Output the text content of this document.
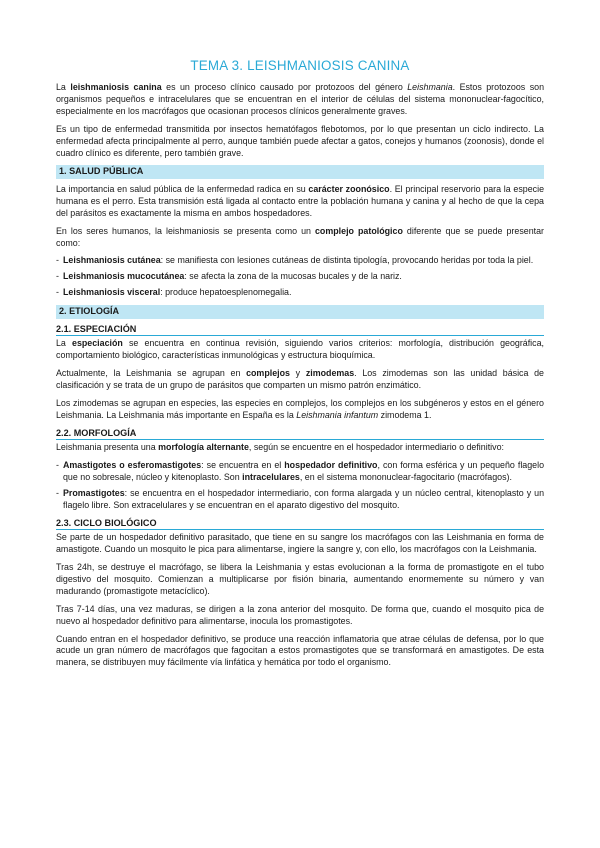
TEMA 3. LEISHMANIOSIS CANINA

La leishmaniosis canina es un proceso clínico causado por protozoos del género Leishmania. Estos protozoos son organismos pequeños e intracelulares que se encuentran en el interior de células del sistema mononuclear-fagocítico, especialmente en los macrófagos que ocasionan procesos clínicos generalmente graves.

Es un tipo de enfermedad transmitida por insectos hematófagos flebotomos, por lo que presentan un ciclo indirecto. La enfermedad afecta principalmente al perro, aunque también puede afectar a gatos, conejos y humanos (zoonosis), donde el cuadro clínico es diferente, pero también grave.

1. SALUD PÚBLICA

La importancia en salud pública de la enfermedad radica en su carácter zoonósico. El principal reservorio para la especie humana es el perro. Esta transmisión está ligada al contacto entre la población humana y canina y al hecho de que la cepa del parásitos es exactamente la misma en ambos hospedadores.

En los seres humanos, la leishmaniosis se presenta como un complejo patológico diferente que se puede presentar como:

- Leishmaniosis cutánea: se manifiesta con lesiones cutáneas de distinta tipología, provocando heridas por toda la piel.
- Leishmaniosis mucocutánea: se afecta la zona de la mucosas bucales y de la nariz.
- Leishmaniosis visceral: produce hepatoesplenomegalia.
2. ETIOLOGÍA
2.1. ESPECIACIÓN

La especiación se encuentra en continua revisión, siguiendo varios criterios: morfología, distribución geográfica, comportamiento biológico, características inmunológicas y estructura bioquímica.

Actualmente, la Leishmania se agrupan en complejos y zimodemas. Los zimodemas son las unidad básica de clasificación y se trata de un grupo de parásitos que comparten un mismo patrón enzimático.

Los zimodemas se agrupan en especies, las especies en complejos, los complejos en los subgéneros y estos en el género Leishmania. La Leishmania más importante en España es la Leishmania infantum zimodema 1.

2.2. MORFOLOGÍA

Leishmania presenta una morfología alternante, según se encuentre en el hospedador intermediario o definitivo:

- Amastigotes o esferomastigotes: se encuentra en el hospedador definitivo, con forma esférica y un pequeño flagelo que no sobresale, núcleo y kitenoplasto. Son intracelulares, en el sistema mononuclear-fagocitario (macrófagos).
- Promastigotes: se encuentra en el hospedador intermediario, con forma alargada y un núcleo central, kitenoplasto y un flagelo libre. Son extracelulares y se encuentran en el aparato digestivo del mosquito.
2.3. CICLO BIOLÓGICO

Se parte de un hospedador definitivo parasitado, que tiene en su sangre los macrófagos con las Leishmania en forma de amastigote. Cuando un mosquito le pica para alimentarse, ingiere la sangre y, con ello, los macrófagos con la Leishmania.

Tras 24h, se destruye el macrófago, se libera la Leishmania y estas evolucionan a la forma de promastigote en el tubo digestivo del mosquito. Comienzan a multiplicarse por fisión binaria, aumentando enormemente su número y van madurando (promastigote metacíclico).

Tras 7-14 días, una vez maduras, se dirigen a la zona anterior del mosquito. De forma que, cuando el mosquito pica de nuevo al hospedador definitivo para alimentarse, inocula los promastigotes.

Cuando entran en el hospedador definitivo, se produce una reacción inflamatoria que atrae células de defensa, por lo que acude un gran número de macrófagos que fagocitan a estos promastigotes que se transformará en amastigotes. De esta manera, se distribuyen muy fácilmente vía linfática y hemática por todo el organismo.
